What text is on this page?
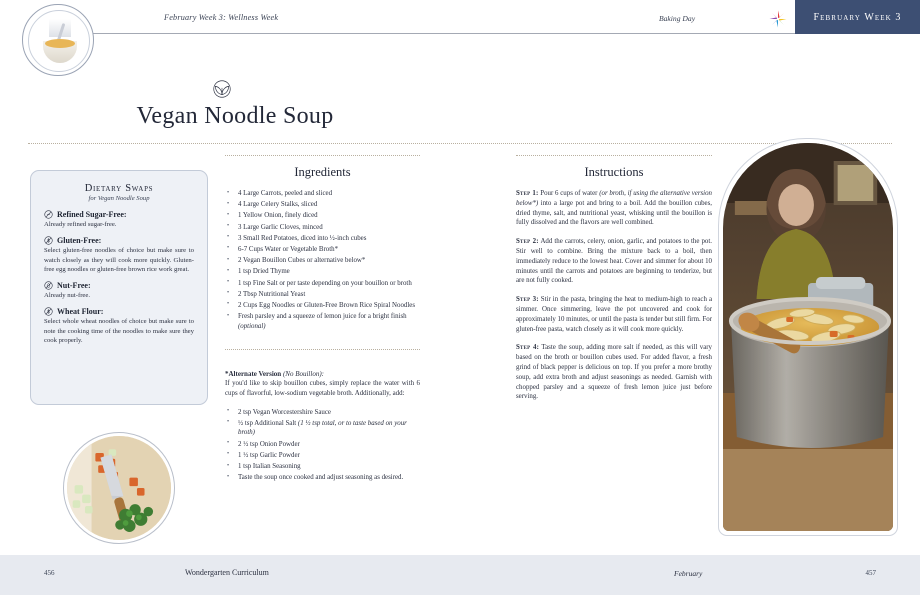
February Week 3: Wellness Week	Baking Day	February Week 3
Vegan Noodle Soup
Dietary Swaps
for Vegan Noodle Soup
Refined Sugar-Free:
Already refined sugar-free.
Gluten-Free:
Select gluten-free noodles of choice but make sure to watch closely as they will cook more quickly. Gluten-free egg noodles or gluten-free brown rice work great.
Nut-Free:
Already nut-free.
Wheat Flour:
Select whole wheat noodles of choice but make sure to note the cooking time of the noodles to make sure they cook properly.
Ingredients
• 4 Large Carrots, peeled and sliced
• 4 Large Celery Stalks, sliced
• 1 Yellow Onion, finely diced
• 3 Large Garlic Cloves, minced
• 3 Small Red Potatoes, diced into ½-inch cubes
• 6-7 Cups Water or Vegetable Broth*
• 2 Vegan Bouillon Cubes or alternative below*
• 1 tsp Dried Thyme
• 1 tsp Fine Salt or per taste depending on your bouillon or broth
• 2 Tbsp Nutritional Yeast
• 2 Cups Egg Noodles or Gluten-Free Brown Rice Spiral Noodles
• Fresh parsley and a squeeze of lemon juice for a bright finish (optional)
*Alternate Version (No Bouillon):
If you'd like to skip bouillon cubes, simply replace the water with 6 cups of flavorful, low-sodium vegetable broth. Additionally, add:
• 2 tsp Vegan Worcestershire Sauce
• ½ tsp Additional Salt (1 ½ tsp total, or to taste based on your broth)
• 2 ½ tsp Onion Powder
• 1 ½ tsp Garlic Powder
• 1 tsp Italian Seasoning
• Taste the soup once cooked and adjust seasoning as desired.
Instructions

Step 1: Pour 6 cups of water (or broth, if using the alternative version below*) into a large pot and bring to a boil. Add the bouillon cubes, dried thyme, salt, and nutritional yeast, whisking until the bouillon is fully dissolved and the flavors are well combined.

Step 2: Add the carrots, celery, onion, garlic, and potatoes to the pot. Stir well to combine. Bring the mixture back to a boil, then immediately reduce to the lowest heat. Cover and simmer for about 10 minutes until the carrots and potatoes are beginning to tenderize, but are not fully cooked.

Step 3: Stir in the pasta, bringing the heat to medium-high to reach a simmer. Once simmering, leave the pot uncovered and cook for approximately 10 minutes, or until the pasta is tender but still firm. For gluten-free pasta, watch closely as it will cook more quickly.

Step 4: Taste the soup, adding more salt if needed, as this will vary based on the broth or bouillon cubes used. For added flavor, a fresh grind of black pepper is delicious on top. If you prefer a more brothy soup, add extra broth and adjust seasonings as needed. Garnish with chopped parsley and a squeeze of fresh lemon juice just before serving.

456	Wondergarten Curriculum	February	457
